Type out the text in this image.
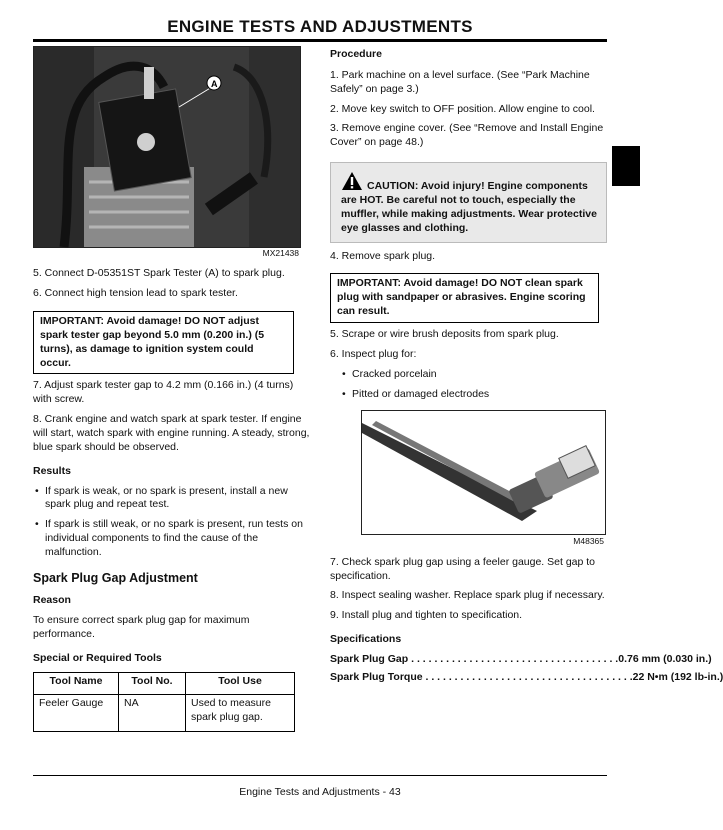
ENGINE TESTS AND ADJUSTMENTS
A
MX21438

5. Connect D-05351ST Spark Tester (A) to spark plug.

6. Connect high tension lead to spark tester.

IMPORTANT: Avoid damage! DO NOT adjust spark tester gap beyond 5.0 mm (0.200 in.) (5 turns), as damage to ignition system could occur.

7. Adjust spark tester gap to 4.2 mm (0.166 in.) (4 turns) with screw.

8. Crank engine and watch spark at spark tester. If engine will start, watch spark with engine running. A steady, strong, blue spark should be observed.

Results

• If spark is weak, or no spark is present, install a new spark plug and repeat test.

• If spark is still weak, or no spark is present, run tests on individual components to find the cause of the malfunction.

Spark Plug Gap Adjustment

Reason

To ensure correct spark plug gap for maximum performance.

Special or Required Tools

Tool Name	Tool No.	Tool Use
Feeler Gauge	NA	Used to measure spark plug gap.

Procedure

1. Park machine on a level surface. (See “Park Machine Safely” on page 3.)

2. Move key switch to OFF position. Allow engine to cool.

3. Remove engine cover. (See “Remove and Install Engine Cover” on page 48.)

CAUTION: Avoid injury! Engine components are HOT. Be careful not to touch, especially the muffler, while making adjustments. Wear protective eye glasses and clothing.

4. Remove spark plug.

IMPORTANT: Avoid damage! DO NOT clean spark plug with sandpaper or abrasives. Engine scoring can result.

5. Scrape or wire brush deposits from spark plug.

6. Inspect plug for:

• Cracked porcelain

• Pitted or damaged electrodes

M48365

7. Check spark plug gap using a feeler gauge. Set gap to specification.

8. Inspect sealing washer. Replace spark plug if necessary.

9. Install plug and tighten to specification.

Specifications

Spark Plug Gap . . . . . . . . . . . . . . . . . . . . . . . . . . . . . . . . . . . . 0.76 mm (0.030 in.)
Spark Plug Torque . . . . . . . . . . . . . . . . . . . . . . . . . . . . . . . . . . . . 22 N•m (192 lb-in.)
Engine Tests and Adjustments - 43
